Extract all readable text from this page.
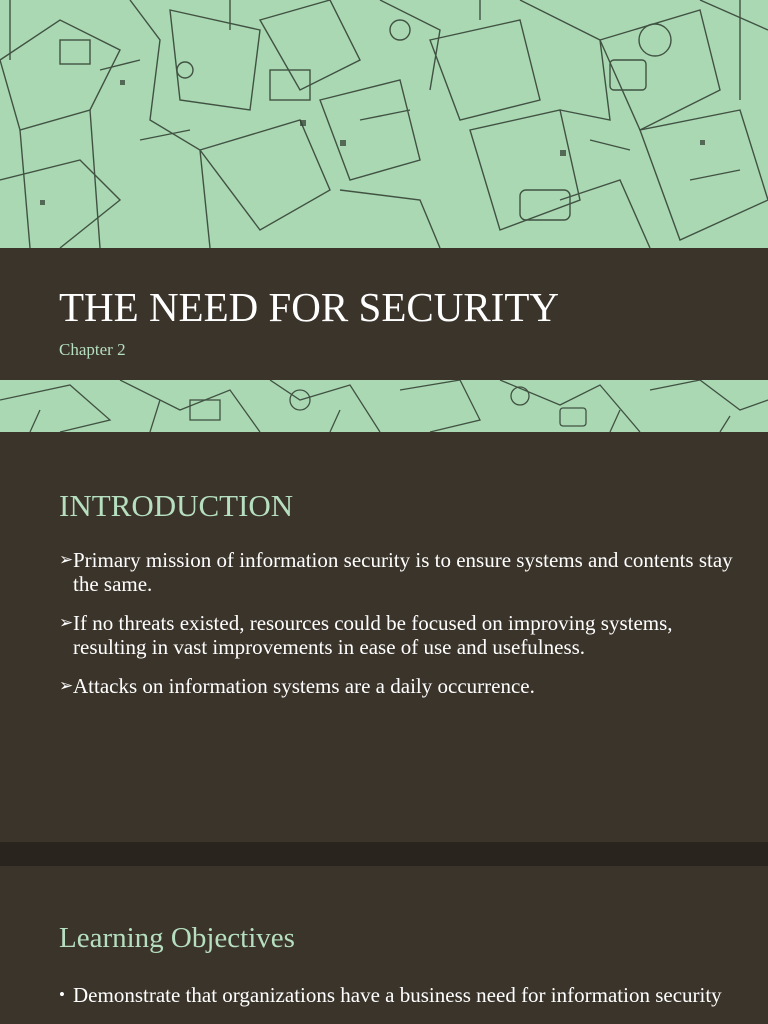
THE NEED FOR SECURITY

Chapter 2

INTRODUCTION
➢ Primary mission of information security is to ensure systems and contents stay the same.
➢ If no threats existed, resources could be focused on improving systems, resulting in vast improvements in ease of use and usefulness.
➢ Attacks on information systems are a daily occurrence.
Learning Objectives
• Demonstrate that organizations have a business need for information security
